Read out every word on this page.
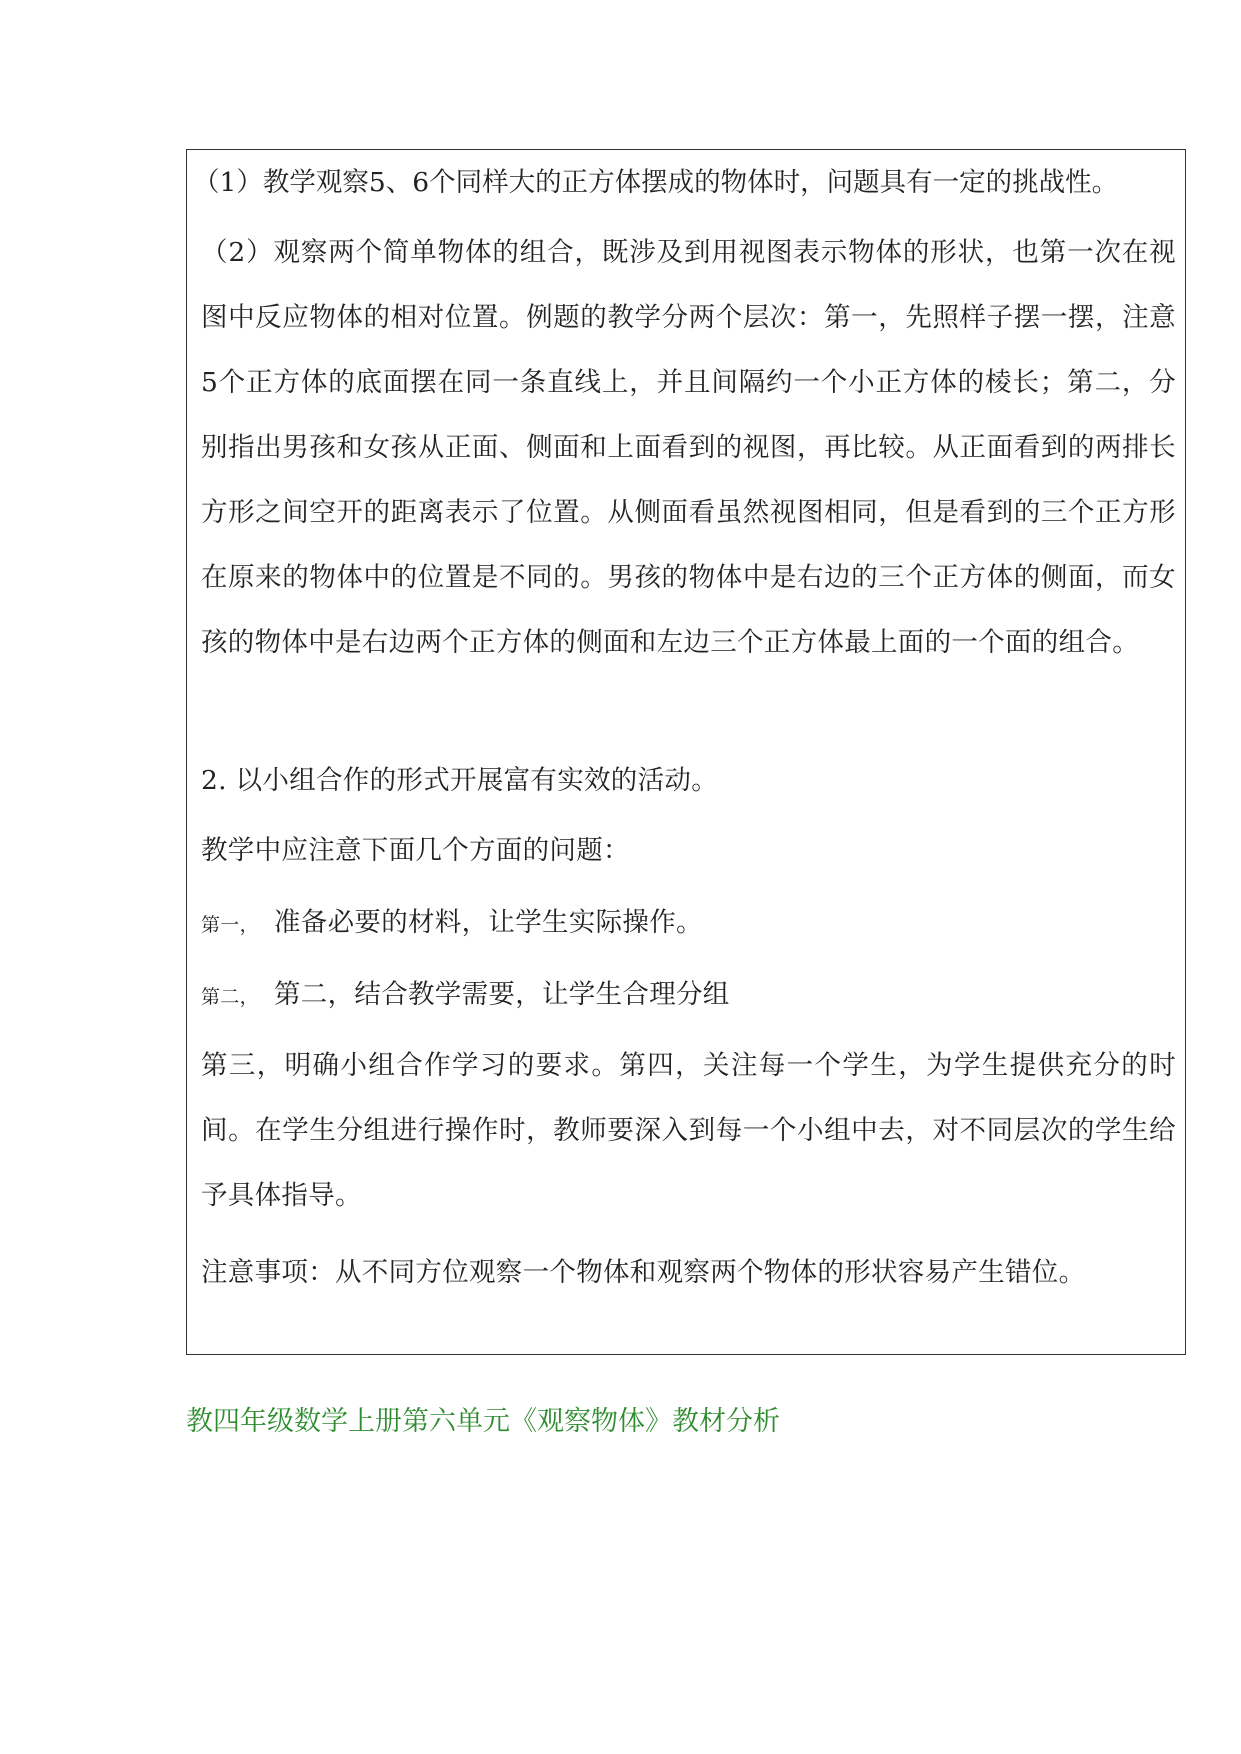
（1）教学观察5、6个同样大的正方体摆成的物体时，问题具有一定的挑战性。

（2）观察两个简单物体的组合，既涉及到用视图表示物体的形状，也第一次在视图中反应物体的相对位置。例题的教学分两个层次：第一，先照样子摆一摆，注意5个正方体的底面摆在同一条直线上，并且间隔约一个小正方体的棱长；第二，分别指出男孩和女孩从正面、侧面和上面看到的视图，再比较。从正面看到的两排长方形之间空开的距离表示了位置。从侧面看虽然视图相同，但是看到的三个正方形在原来的物体中的位置是不同的。男孩的物体中是右边的三个正方体的侧面，而女孩的物体中是右边两个正方体的侧面和左边三个正方体最上面的一个面的组合。

2. 以小组合作的形式开展富有实效的活动。

教学中应注意下面几个方面的问题：

第一， 准备必要的材料，让学生实际操作。

第二， 第二，结合教学需要，让学生合理分组

第三，明确小组合作学习的要求。第四，关注每一个学生，为学生提供充分的时间。在学生分组进行操作时，教师要深入到每一个小组中去，对不同层次的学生给予具体指导。

注意事项：从不同方位观察一个物体和观察两个物体的形状容易产生错位。

教四年级数学上册第六单元《观察物体》教材分析
